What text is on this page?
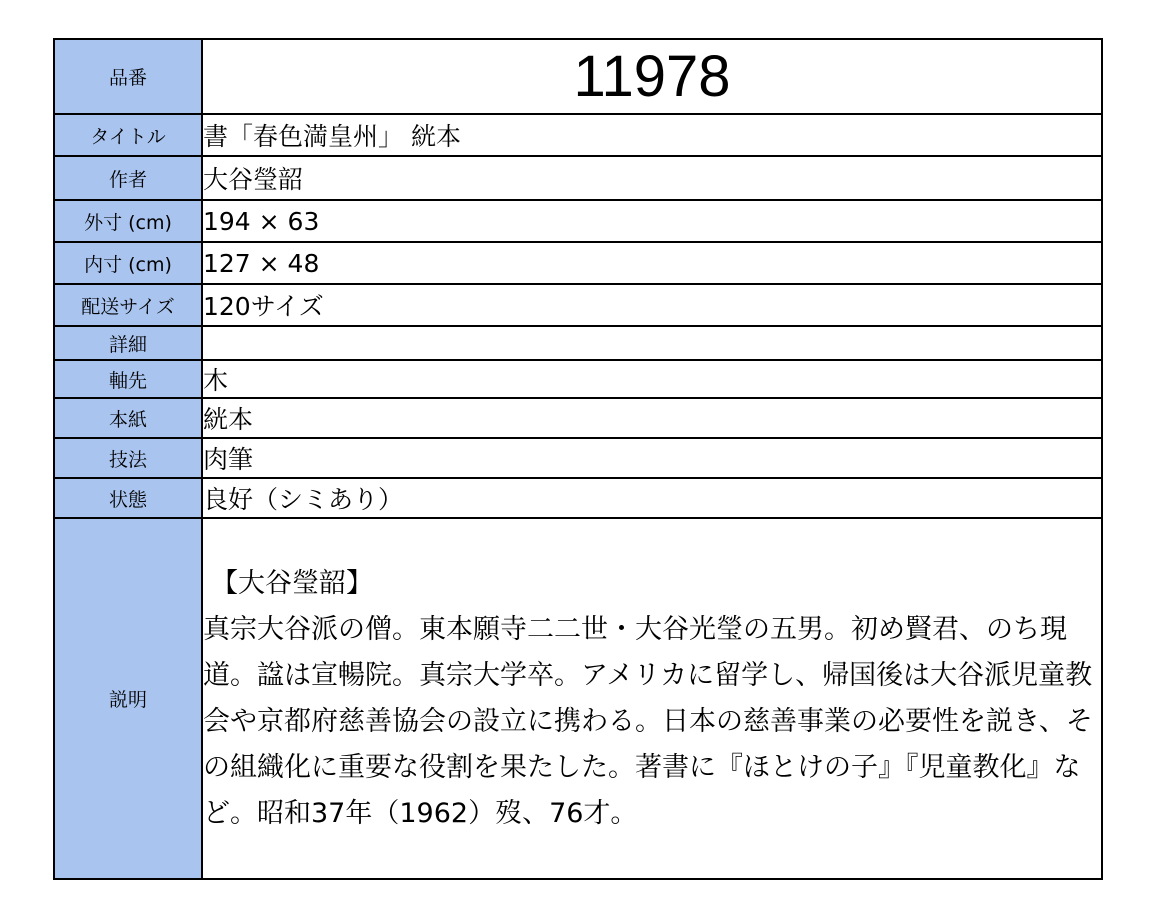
品番	11978
タイトル	書「春色満皇州」 絖本
作者	大谷瑩韶
外寸 (cm)	194 × 63
内寸 (cm)	127 × 48
配送サイズ	120サイズ
詳細	
軸先	木
本紙	絖本
技法	肉筆
状態	良好（シミあり）
説明	【大谷瑩韶】
真宗大谷派の僧。東本願寺二二世・大谷光瑩の五男。初め賢君、のち現道。諡は宣暢院。真宗大学卒。アメリカに留学し、帰国後は大谷派児童教会や京都府慈善協会の設立に携わる。日本の慈善事業の必要性を説き、その組織化に重要な役割を果たした。著書に『ほとけの子』『児童教化』など。昭和37年（1962）歿、76才。
